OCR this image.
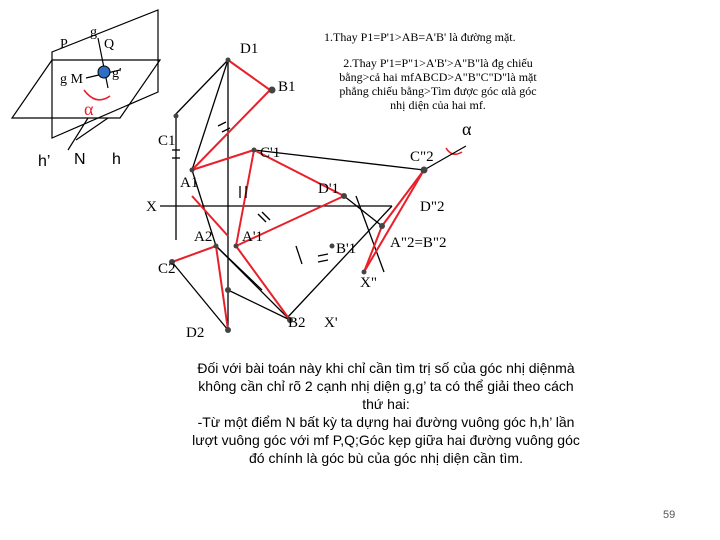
P
g
Q
g M g'
α
h’ N h
D1
B1
C1
C'1	C"2
α
A1	D'1
X	D"2
A2 A'1
B'1 A"2=B"2
C2
X"
D2
B2 X'
1.Thay P1=P'1>AB=A'B' là đường mặt.
2.Thay P'1=P"1>A'B'>A"B"là đg chiếu
bằng>cả hai mfABCD>A"B"C"D"là mặt
phẳng chiếu bằng>Tìm được góc αlà góc
nhị diện của hai mf.
Đối với bài toán này khi chỉ cần tìm trị số của góc nhị diệnmà
không cần chỉ rõ 2 cạnh nhị diện g,g’ ta có thể giải theo cách
thứ hai:
-Từ một điểm N bất kỳ ta dựng hai đường vuông góc h,h’ lần
lượt vuông góc với mf P,Q;Góc kẹp giữa hai đường vuông góc
đó chính là góc bù của góc nhị diện cần tìm.
59
